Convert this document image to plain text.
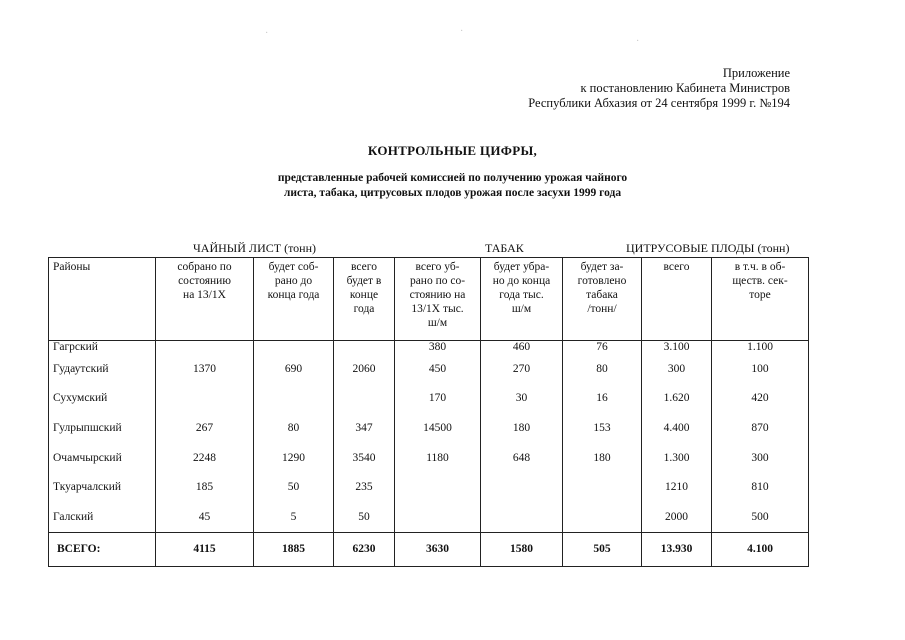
Приложение
к постановлению Кабинета Министров
Республики Абхазия от 24 сентября 1999 г. №194
КОНТРОЛЬНЫЕ ЦИФРЫ,
представленные рабочей комиссией по получению урожая чайного
листа, табака, цитрусовых плодов урожая после засухи 1999 года
ЧАЙНЫЙ ЛИСТ (тонн)	ТАБАК	ЦИТРУСОВЫЕ ПЛОДЫ (тонн)
Районы	собрано по
состоянию
на 13/1Х	будет соб-
рано до
конца года	всего
будет в
конце
года	всего уб-
рано по со-
стоянию на
13/1Х тыс.
ш/м	будет убра-
но до конца
года тыс.
ш/м	будет за-
готовлено
табака
/тонн/	всего	в т.ч. в об-
ществ. сек-
торе
Гагрский				380	460	76	3.100	1.100
Гудаутский	1370	690	2060	450	270	80	300	100
Сухумский				170	30	16	1.620	420
Гулрыпшский	267	80	347	14500	180	153	4.400	870
Очамчырский	2248	1290	3540	1180	648	180	1.300	300
Ткуарчалский	185	50	235				1210	810
Галский	45	5	50				2000	500
ВСЕГО:	4115	1885	6230	3630	1580	505	13.930	4.100
·	·
·
